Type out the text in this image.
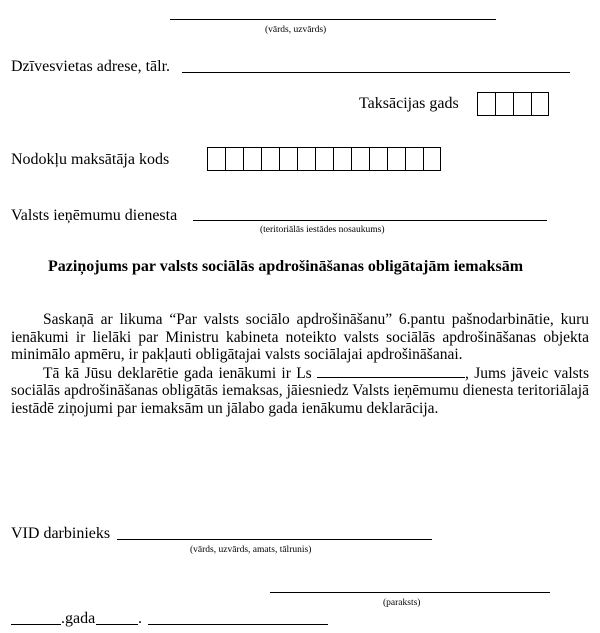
(vārds, uzvārds)
Dzīvesvietas adrese, tālr.
Taksācijas gads
Nodokļu maksātāja kods
Valsts ieņēmumu dienesta
(teritoriālās iestādes nosaukums)
Paziņojums par valsts sociālās apdrošināšanas obligātajām iemaksām

Saskaņā ar likuma “Par valsts sociālo apdrošināšanu” 6.pantu pašnodarbinātie, kuru ienākumi ir lielāki par Ministru kabineta noteikto valsts sociālās apdrošināšanas objekta minimālo apmēru, ir pakļauti obligātajai valsts sociālajai apdrošināšanai.

Tā kā Jūsu deklarētie gada ienākumi ir Ls	, Jums jāveic valsts sociālās apdrošināšanas obligātās iemaksas, jāiesniedz Valsts ieņēmumu dienesta teritoriālajā iestādē ziņojumi par iemaksām un jālabo gada ienākumu deklarācija.

VID darbinieks
(vārds, uzvārds, amats, tālrunis)
(paraksts)
.gada	.
